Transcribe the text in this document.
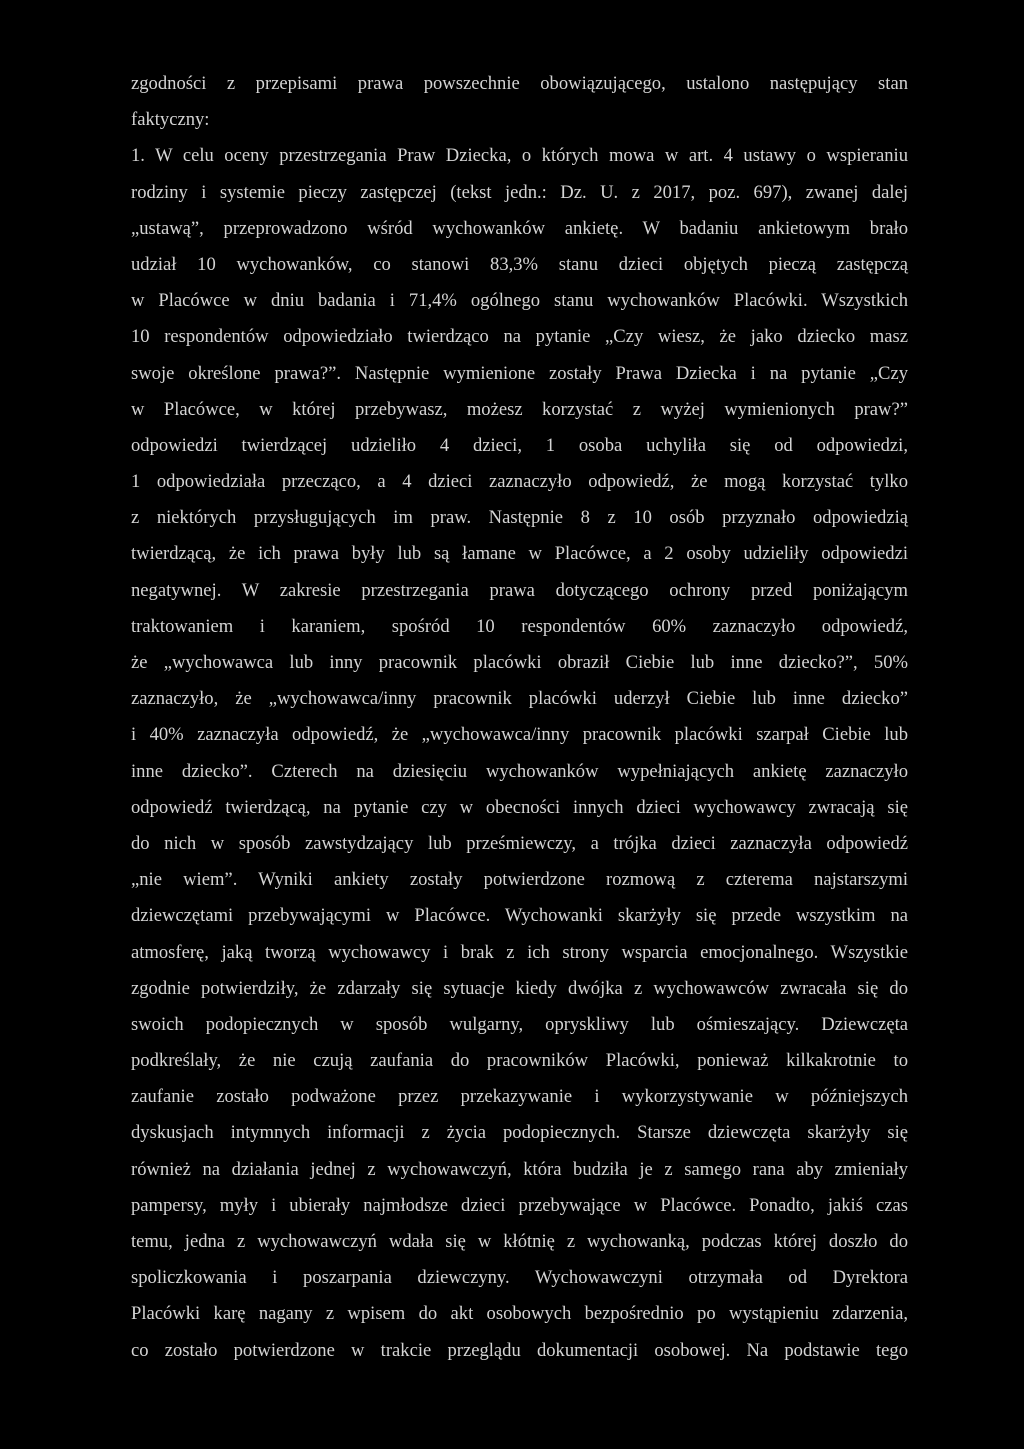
zgodności z przepisami prawa powszechnie obowiązującego, ustalono następujący stan
faktyczny:
1. W celu oceny przestrzegania Praw Dziecka, o których mowa w art. 4 ustawy o wspieraniu
rodziny i systemie pieczy zastępczej (tekst jedn.: Dz. U. z 2017, poz. 697), zwanej dalej
„ustawą”, przeprowadzono wśród wychowanków ankietę. W badaniu ankietowym brało
udział 10 wychowanków, co stanowi 83,3% stanu dzieci objętych pieczą zastępczą
w Placówce w dniu badania i 71,4% ogólnego stanu wychowanków Placówki. Wszystkich
10 respondentów odpowiedziało twierdząco na pytanie „Czy wiesz, że jako dziecko masz
swoje określone prawa?”. Następnie wymienione zostały Prawa Dziecka i na pytanie „Czy
w Placówce, w której przebywasz, możesz korzystać z wyżej wymienionych praw?”
odpowiedzi twierdzącej udzieliło 4 dzieci, 1 osoba uchyliła się od odpowiedzi,
1 odpowiedziała przecząco, a 4 dzieci zaznaczyło odpowiedź, że mogą korzystać tylko
z niektórych przysługujących im praw. Następnie 8 z 10 osób przyznało odpowiedzią
twierdzącą, że ich prawa były lub są łamane w Placówce, a 2 osoby udzieliły odpowiedzi
negatywnej. W zakresie przestrzegania prawa dotyczącego ochrony przed poniżającym
traktowaniem i karaniem, spośród 10 respondentów 60% zaznaczyło odpowiedź,
że „wychowawca lub inny pracownik placówki obraził Ciebie lub inne dziecko?”, 50%
zaznaczyło, że „wychowawca/inny pracownik placówki uderzył Ciebie lub inne dziecko”
i 40% zaznaczyła odpowiedź, że „wychowawca/inny pracownik placówki szarpał Ciebie lub
inne dziecko”. Czterech na dziesięciu wychowanków wypełniających ankietę zaznaczyło
odpowiedź twierdzącą, na pytanie czy w obecności innych dzieci wychowawcy zwracają się
do nich w sposób zawstydzający lub prześmiewczy, a trójka dzieci zaznaczyła odpowiedź
„nie wiem”. Wyniki ankiety zostały potwierdzone rozmową z czterema najstarszymi
dziewczętami przebywającymi w Placówce. Wychowanki skarżyły się przede wszystkim na
atmosferę, jaką tworzą wychowawcy i brak z ich strony wsparcia emocjonalnego. Wszystkie
zgodnie potwierdziły, że zdarzały się sytuacje kiedy dwójka z wychowawców zwracała się do
swoich podopiecznych w sposób wulgarny, opryskliwy lub ośmieszający. Dziewczęta
podkreślały, że nie czują zaufania do pracowników Placówki, ponieważ kilkakrotnie to
zaufanie zostało podważone przez przekazywanie i wykorzystywanie w późniejszych
dyskusjach intymnych informacji z życia podopiecznych. Starsze dziewczęta skarżyły się
również na działania jednej z wychowawczyń, która budziła je z samego rana aby zmieniały
pampersy, myły i ubierały najmłodsze dzieci przebywające w Placówce. Ponadto, jakiś czas
temu, jedna z wychowawczyń wdała się w kłótnię z wychowanką, podczas której doszło do
spoliczkowania i poszarpania dziewczyny. Wychowawczyni otrzymała od Dyrektora
Placówki karę nagany z wpisem do akt osobowych bezpośrednio po wystąpieniu zdarzenia,
co zostało potwierdzone w trakcie przeglądu dokumentacji osobowej. Na podstawie tego
